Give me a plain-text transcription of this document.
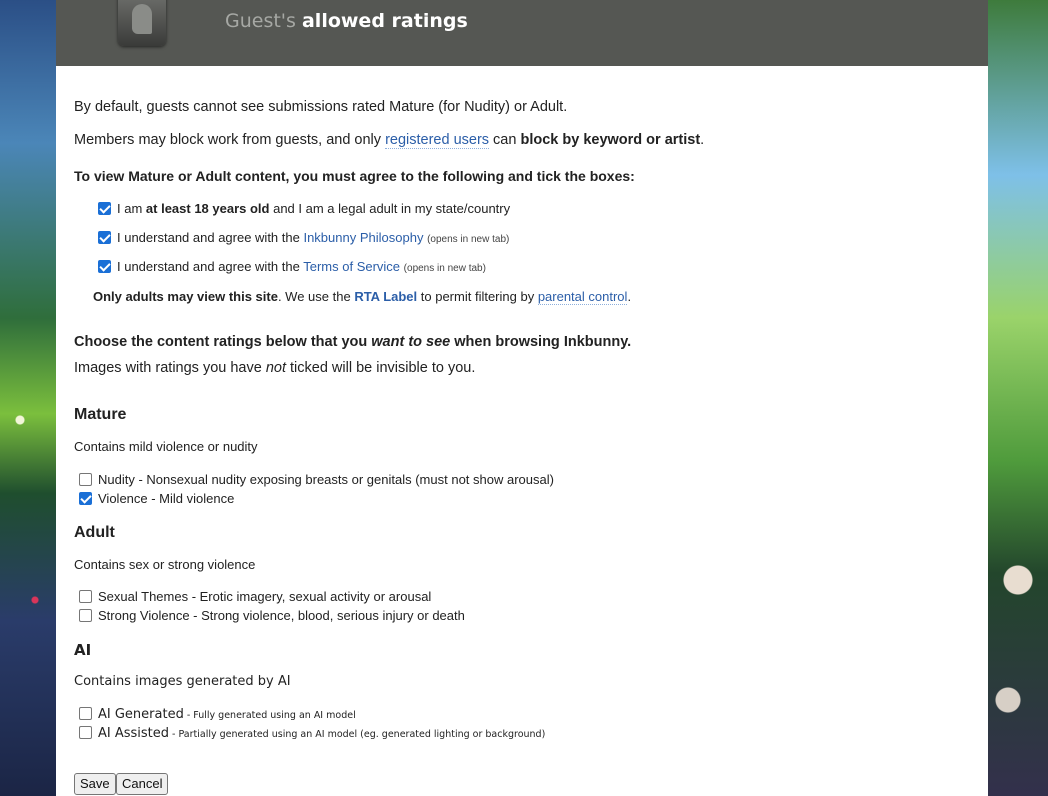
Guest's allowed ratings

By default, guests cannot see submissions rated Mature (for Nudity) or Adult.

Members may block work from guests, and only registered users can block by keyword or artist.

To view Mature or Adult content, you must agree to the following and tick the boxes:

I am at least 18 years old and I am a legal adult in my state/country

I understand and agree with the Inkbunny Philosophy (opens in new tab)

I understand and agree with the Terms of Service (opens in new tab)

Only adults may view this site. We use the RTA Label to permit filtering by parental control.

Choose the content ratings below that you want to see when browsing Inkbunny.

Images with ratings you have not ticked will be invisible to you.

Mature

Contains mild violence or nudity

Nudity - Nonsexual nudity exposing breasts or genitals (must not show arousal)

Violence - Mild violence

Adult

Contains sex or strong violence

Sexual Themes - Erotic imagery, sexual activity or arousal

Strong Violence - Strong violence, blood, serious injury or death

AI

Contains images generated by AI

AI Generated - Fully generated using an AI model

AI Assisted - Partially generated using an AI model (eg. generated lighting or background)

Save Cancel
